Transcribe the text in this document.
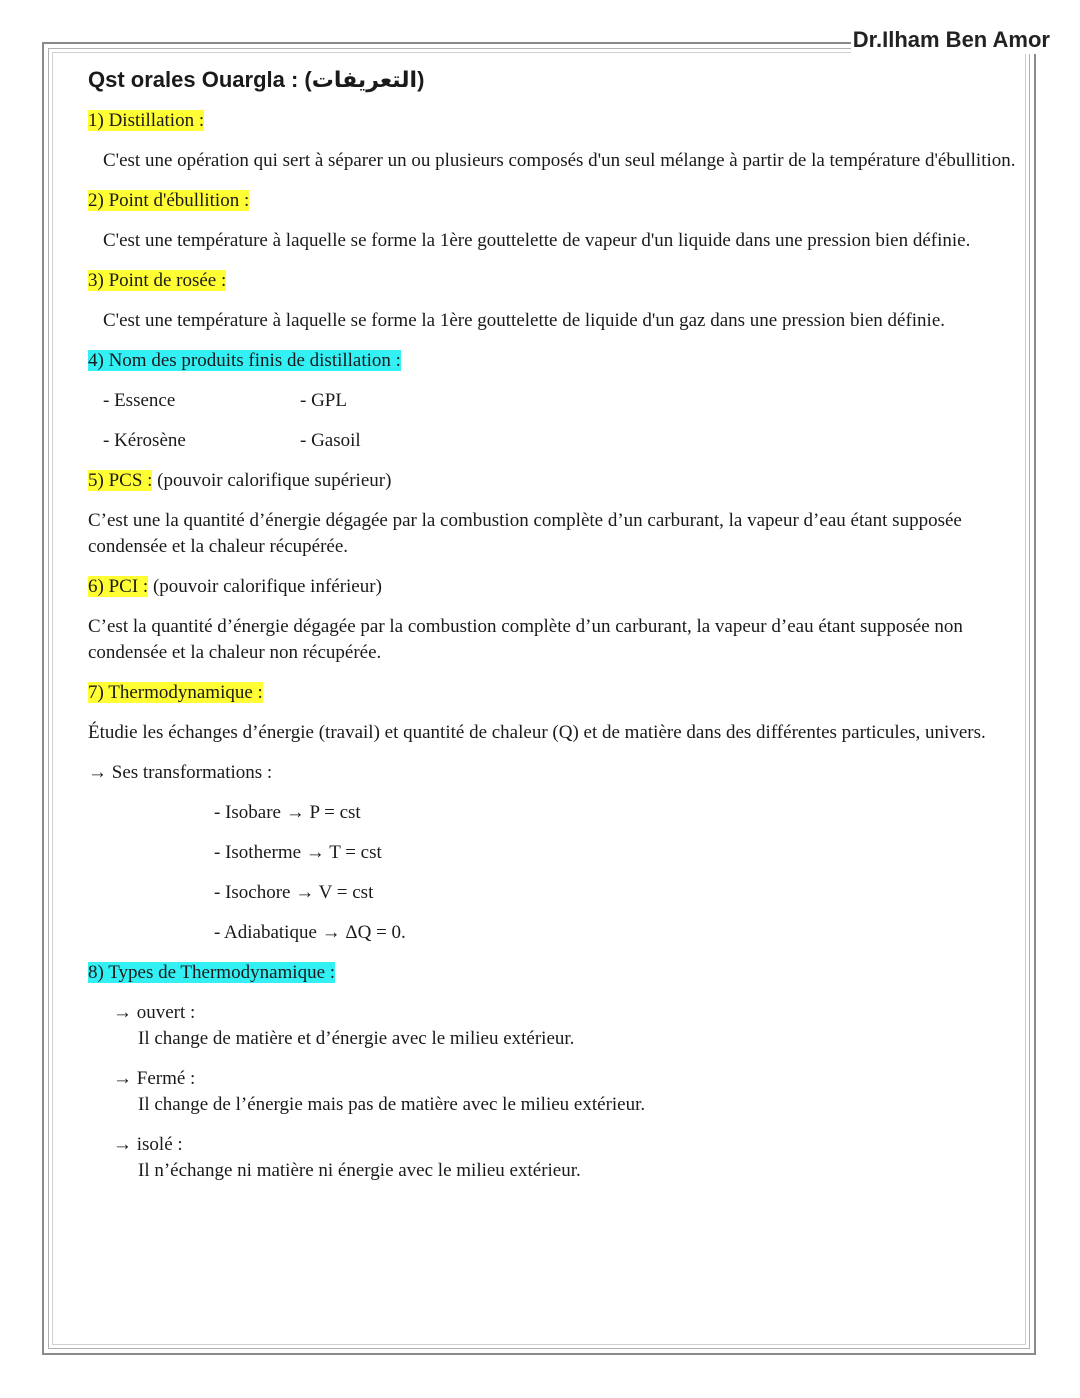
Dr.Ilham Ben Amor
Qst orales Ouargla : (التعريفات)
1) Distillation :
C'est une opération qui sert à séparer un ou plusieurs composés d'un seul mélange à partir de la température d'ébullition.
2) Point d'ébullition :
C'est une température à laquelle se forme la 1ère gouttelette de vapeur d'un liquide dans une pression bien définie.
3) Point de rosée :
C'est une température à laquelle se forme la 1ère gouttelette de liquide d'un gaz dans une pression bien définie.
4) Nom des produits finis de distillation :
- Essence	- GPL
- Kérosène	- Gasoil
5) PCS : (pouvoir calorifique supérieur)
C’est une la quantité d’énergie dégagée par la combustion complète d’un carburant, la vapeur d’eau étant supposée condensée et la chaleur récupérée.
6) PCI : (pouvoir calorifique inférieur)
C’est la quantité d’énergie dégagée par la combustion complète d’un carburant, la vapeur d’eau étant supposée non condensée et la chaleur non récupérée.
7) Thermodynamique :
Étudie les échanges d’énergie (travail) et quantité de chaleur (Q) et de matière dans des différentes particules, univers.
→ Ses transformations :
- Isobare → P = cst
- Isotherme → T = cst
- Isochore → V = cst
- Adiabatique → ΔQ = 0.
8) Types de Thermodynamique :
→ ouvert :
Il change de matière et d’énergie avec le milieu extérieur.
→ Fermé :
Il change de l’énergie mais pas de matière avec le milieu extérieur.
→ isolé :
Il n’échange ni matière ni énergie avec le milieu extérieur.
